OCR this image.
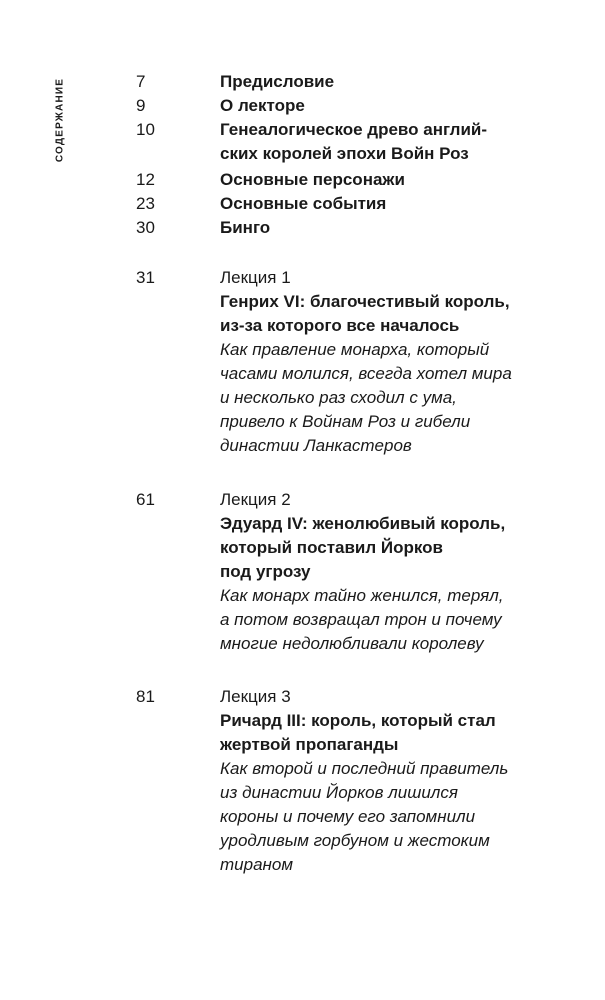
СОДЕРЖАНИЕ	7	Предисловие
9	О лекторе
10	Генеалогическое древо англий-
ских королей эпохи Войн Роз
12	Основные персонажи
23	Основные события
30	Бинго
31	Лекция 1
Генрих VI: благочестивый король,
из-за которого все началось
Как правление монарха, который
часами молился, всегда хотел мира
и несколько раз сходил с ума,
привело к Войнам Роз и гибели
династии Ланкастеров
61	Лекция 2
Эдуард IV: женолюбивый король,
который поставил Йорков
под угрозу
Как монарх тайно женился, терял,
а потом возвращал трон и почему
многие недолюбливали королеву
81	Лекция 3
Ричард III: король, который стал
жертвой пропаганды
Как второй и последний правитель
из династии Йорков лишился
короны и почему его запомнили
уродливым горбуном и жестоким
тираном
